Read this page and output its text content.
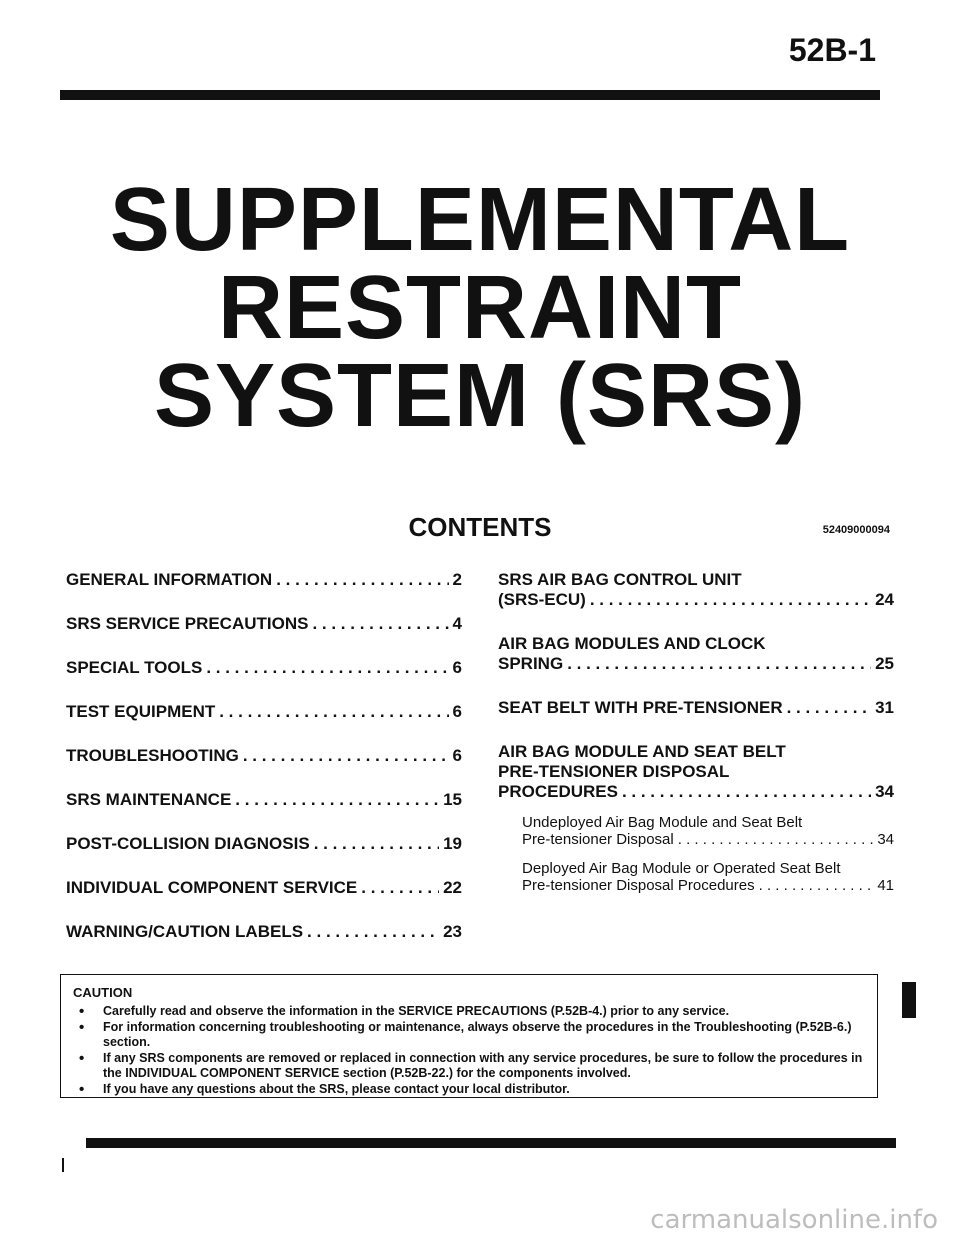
52B-1
SUPPLEMENTAL
RESTRAINT
SYSTEM (SRS)
CONTENTS	52409000094
GENERAL INFORMATION . . .	2
SRS SERVICE PRECAUTIONS . . .	4
SPECIAL TOOLS . . .	6
TEST EQUIPMENT . . .	6
TROUBLESHOOTING . . .	6
SRS MAINTENANCE . . .	15
POST-COLLISION DIAGNOSIS . . .	19
INDIVIDUAL COMPONENT SERVICE . . .	22
WARNING/CAUTION LABELS . . .	23
SRS AIR BAG CONTROL UNIT
(SRS-ECU) . . .	24
AIR BAG MODULES AND CLOCK
SPRING . . .	25
SEAT BELT WITH PRE-TENSIONER . . .	31
AIR BAG MODULE AND SEAT BELT
PRE-TENSIONER DISPOSAL
PROCEDURES . . .	34
Undeployed Air Bag Module and Seat Belt
Pre-tensioner Disposal . . .	34
Deployed Air Bag Module or Operated Seat Belt
Pre-tensioner Disposal Procedures . . .	41
CAUTION
• Carefully read and observe the information in the SERVICE PRECAUTIONS (P.52B-4.) prior to any service.
• For information concerning troubleshooting or maintenance, always observe the procedures in the Troubleshooting (P.52B-6.) section.
• If any SRS components are removed or replaced in connection with any service procedures, be sure to follow the procedures in the INDIVIDUAL COMPONENT SERVICE section (P.52B-22.) for the components involved.
• If you have any questions about the SRS, please contact your local distributor.
carmanualsonline.info
